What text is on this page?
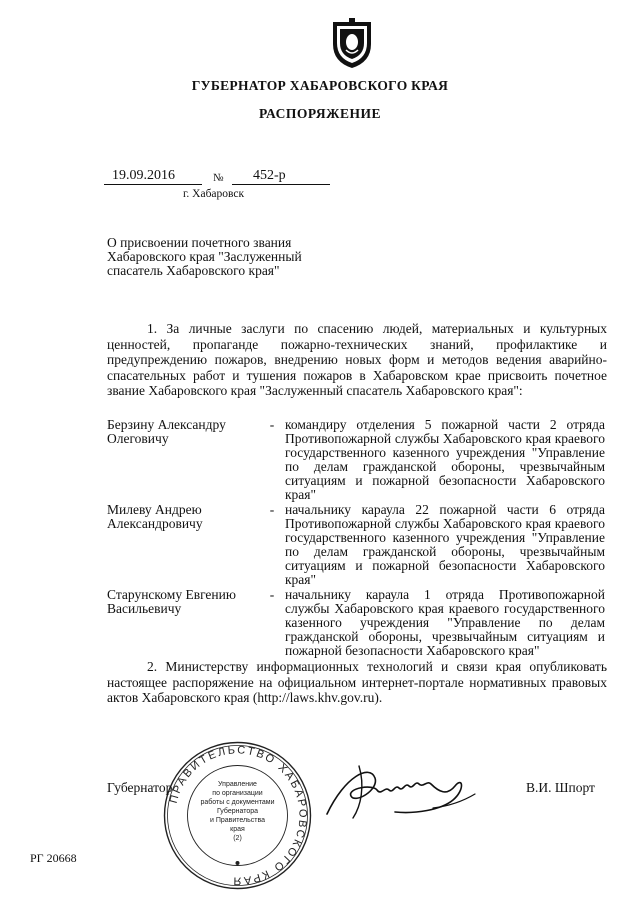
ГУБЕРНАТОР ХАБАРОВСКОГО КРАЯ
РАСПОРЯЖЕНИЕ
19.09.2016	№ 452-р
г. Хабаровск
О присвоении почетного звания Хабаровского края "Заслуженный спасатель Хабаровского края"
1. За личные заслуги по спасению людей, материальных и культурных ценностей, пропаганде пожарно-технических знаний, профилактике и предупреждению пожаров, внедрению новых форм и методов ведения аварийно-спасательных работ и тушения пожаров в Хабаровском крае присвоить почетное звание Хабаровского края "Заслуженный спасатель Хабаровского края":
Берзину Александру Олеговичу
- командиру отделения 5 пожарной части 2 отряда Противопожарной службы Хабаровского края краевого государственного казенного учреждения "Управление по делам гражданской обороны, чрезвычайным ситуациям и пожарной безопасности Хабаровского края"
Милеву Андрею Александровичу
- начальнику караула 22 пожарной части 6 отряда Противопожарной службы Хабаровского края краевого государственного казенного учреждения "Управление по делам гражданской обороны, чрезвычайным ситуациям и пожарной безопасности Хабаровского края"
Старунскому Евгению Васильевичу
- начальнику караула 1 отряда Противопожарной службы Хабаровского края краевого государственного казенного учреждения "Управление по делам гражданской обороны, чрезвычайным ситуациям и пожарной безопасности Хабаровского края"
2. Министерству информационных технологий и связи края опубликовать настоящее распоряжение на официальном интернет-портале нормативных правовых актов Хабаровского края (http://laws.khv.gov.ru).
ПРАВИТЕЛЬСТВО ХАБАРОВСКОГО КРАЯ
Управление
по организации
работы с документами
Губернатора
и Правительства
края
(2)
Губернатор	В.И. Шпорт
РГ 20668
